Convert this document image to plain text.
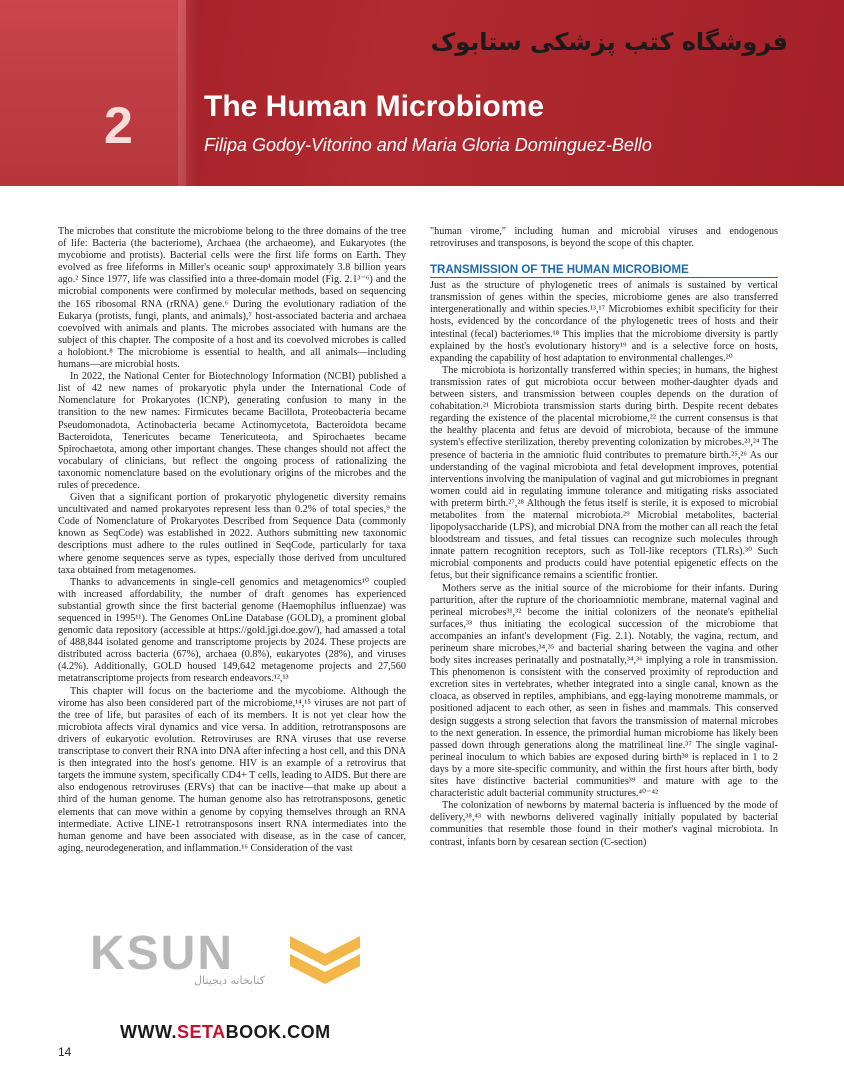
2
فروشگاه کتب پزشکی ستابوک
The Human Microbiome
Filipa Godoy-Vitorino and Maria Gloria Dominguez-Bello

The microbes that constitute the microbiome belong to the three domains of the tree of life: Bacteria (the bacteriome), Archaea (the archaeome), and Eukaryotes (the mycobiome and protists). Bacterial cells were the first life forms on Earth. They evolved as free lifeforms in Miller's oceanic soup¹ approximately 3.8 billion years ago.² Since 1977, life was classified into a three-domain model (Fig. 2.1³⁻⁶) and the microbial components were confirmed by molecular methods, based on sequencing the 16S ribosomal RNA (rRNA) gene.⁶ During the evolutionary radiation of the Eukarya (protists, fungi, plants, and animals),⁷ host-associated bacteria and archaea coevolved with animals and plants. The microbes associated with humans are the subject of this chapter. The composite of a host and its coevolved microbes is called a holobiont.⁸ The microbiome is essential to health, and all animals—including humans—are microbial hosts.

In 2022, the National Center for Biotechnology Information (NCBI) published a list of 42 new names of prokaryotic phyla under the International Code of Nomenclature for Prokaryotes (ICNP), generating confusion to many in the transition to the new names: Firmicutes became Bacillota, Proteobacteria became Pseudomonadota, Actinobacteria became Actinomycetota, Bacteroidota became Bacteroidota, Tenericutes became Tenericuteota, and Spirochaetes became Spirochaetota, among other important changes. These changes should not affect the vocabulary of clinicians, but reflect the ongoing process of rationalizing the taxonomic nomenclature based on the evolutionary origins of the microbes and the rules of precedence.

Given that a significant portion of prokaryotic phylogenetic diversity remains uncultivated and named prokaryotes represent less than 0.2% of total species,⁹ the Code of Nomenclature of Prokaryotes Described from Sequence Data (commonly known as SeqCode) was established in 2022. Authors submitting new taxonomic descriptions must adhere to the rules outlined in SeqCode, particularly for taxa where genome sequences serve as types, especially those derived from uncultured taxa obtained from metagenomes.

Thanks to advancements in single-cell genomics and metagenomics¹⁰ coupled with increased affordability, the number of draft genomes has experienced substantial growth since the first bacterial genome (Haemophilus influenzae) was sequenced in 1995¹¹). The Genomes OnLine Database (GOLD), a prominent global genomic data repository (accessible at https://gold.jgi.doe.gov/), had amassed a total of 488,844 isolated genome and transcriptome projects by 2024. These projects are distributed across bacteria (67%), archaea (0.8%), eukaryotes (28%), and viruses (4.2%). Additionally, GOLD housed 149,642 metagenome projects and 27,560 metatranscriptome projects from research endeavors.¹²,¹³

This chapter will focus on the bacteriome and the mycobiome. Although the virome has also been considered part of the microbiome,¹⁴,¹⁵ viruses are not part of the tree of life, but parasites of each of its members. It is not yet clear how the microbiota affects viral dynamics and vice versa. In addition, retrotransposons are drivers of eukaryotic evolution. Retroviruses are RNA viruses that use reverse transcriptase to convert their RNA into DNA after infecting a host cell, and this DNA is then integrated into the host's genome. HIV is an example of a retrovirus that targets the immune system, specifically CD4+ T cells, leading to AIDS. But there are also endogenous retroviruses (ERVs) that can be inactive—that make up about a third of the human genome. The human genome also has retrotransposons, genetic elements that can move within a genome by copying themselves through an RNA intermediate. Active LINE-1 retrotransposons insert RNA intermediates into the human genome and have been associated with disease, as in the case of cancer, aging, neurodegeneration, and inflammation.¹⁶ Consideration of the vast

"human virome," including human and microbial viruses and endogenous retroviruses and transposons, is beyond the scope of this chapter.

TRANSMISSION OF THE HUMAN MICROBIOME

Just as the structure of phylogenetic trees of animals is sustained by vertical transmission of genes within the species, microbiome genes are also transferred intergenerationally and within species.¹³,¹⁷ Microbiomes exhibit specificity for their hosts, evidenced by the concordance of the phylogenetic trees of hosts and their intestinal (fecal) bacteriomes.¹⁸ This implies that the microbiome diversity is partly explained by the host's evolutionary history¹⁹ and is a selective force on hosts, expanding the capability of host adaptation to environmental challenges.²⁰

The microbiota is horizontally transferred within species; in humans, the highest transmission rates of gut microbiota occur between mother-daughter dyads and between sisters, and transmission between couples depends on the duration of cohabitation.²¹ Microbiota transmission starts during birth. Despite recent debates regarding the existence of the placental microbiome,²² the current consensus is that the healthy placenta and fetus are devoid of microbiota, because of the immune system's effective sterilization, thereby preventing colonization by microbes.²³,²⁴ The presence of bacteria in the amniotic fluid contributes to premature birth.²⁵,²⁶ As our understanding of the vaginal microbiota and fetal development improves, potential interventions involving the manipulation of vaginal and gut microbiomes in pregnant women could aid in regulating immune tolerance and mitigating risks associated with preterm birth.²⁷,²⁸ Although the fetus itself is sterile, it is exposed to microbial metabolites from the maternal microbiota.²⁹ Microbial metabolites, bacterial lipopolysaccharide (LPS), and microbial DNA from the mother can all reach the fetal bloodstream and tissues, and fetal tissues can recognize such molecules through innate pattern recognition receptors, such as Toll-like receptors (TLRs).³⁰ Such microbial components and products could have potential epigenetic effects on the fetus, but their significance remains a scientific frontier.

Mothers serve as the initial source of the microbiome for their infants. During parturition, after the rupture of the chorioamniotic membrane, maternal vaginal and perineal microbes³¹,³² become the initial colonizers of the neonate's epithelial surfaces,³³ thus initiating the ecological succession of the microbiome that accompanies an infant's development (Fig. 2.1). Notably, the vagina, rectum, and perineum share microbes,³⁴,³⁵ and bacterial sharing between the vagina and other body sites increases perinatally and postnatally,³⁴,³⁶ implying a role in transmission. This phenomenon is consistent with the conserved proximity of reproduction and excretion sites in vertebrates, whether integrated into a single canal, known as the cloaca, as observed in reptiles, amphibians, and egg-laying monotreme mammals, or positioned adjacent to each other, as seen in fishes and mammals. This conserved design suggests a strong selection that favors the transmission of maternal microbes to the next generation. In essence, the primordial human microbiome has likely been passed down through generations along the matrilineal line.³⁷ The single vaginal-perineal inoculum to which babies are exposed during birth³⁸ is replaced in 1 to 2 days by a more site-specific community, and within the first hours after birth, body sites have distinctive bacterial communities³⁹ and mature with age to the characteristic adult bacterial community structures.⁴⁰⁻⁴²

The colonization of newborns by maternal bacteria is influenced by the mode of delivery,³⁸,⁴³ with newborns delivered vaginally initially populated by bacterial communities that resemble those found in their mother's vaginal microbiota. In contrast, infants born by cesarean section (C-section)

KSUN
کتابخانه دیجیتال
WWW.SETABOOK.COM
14
